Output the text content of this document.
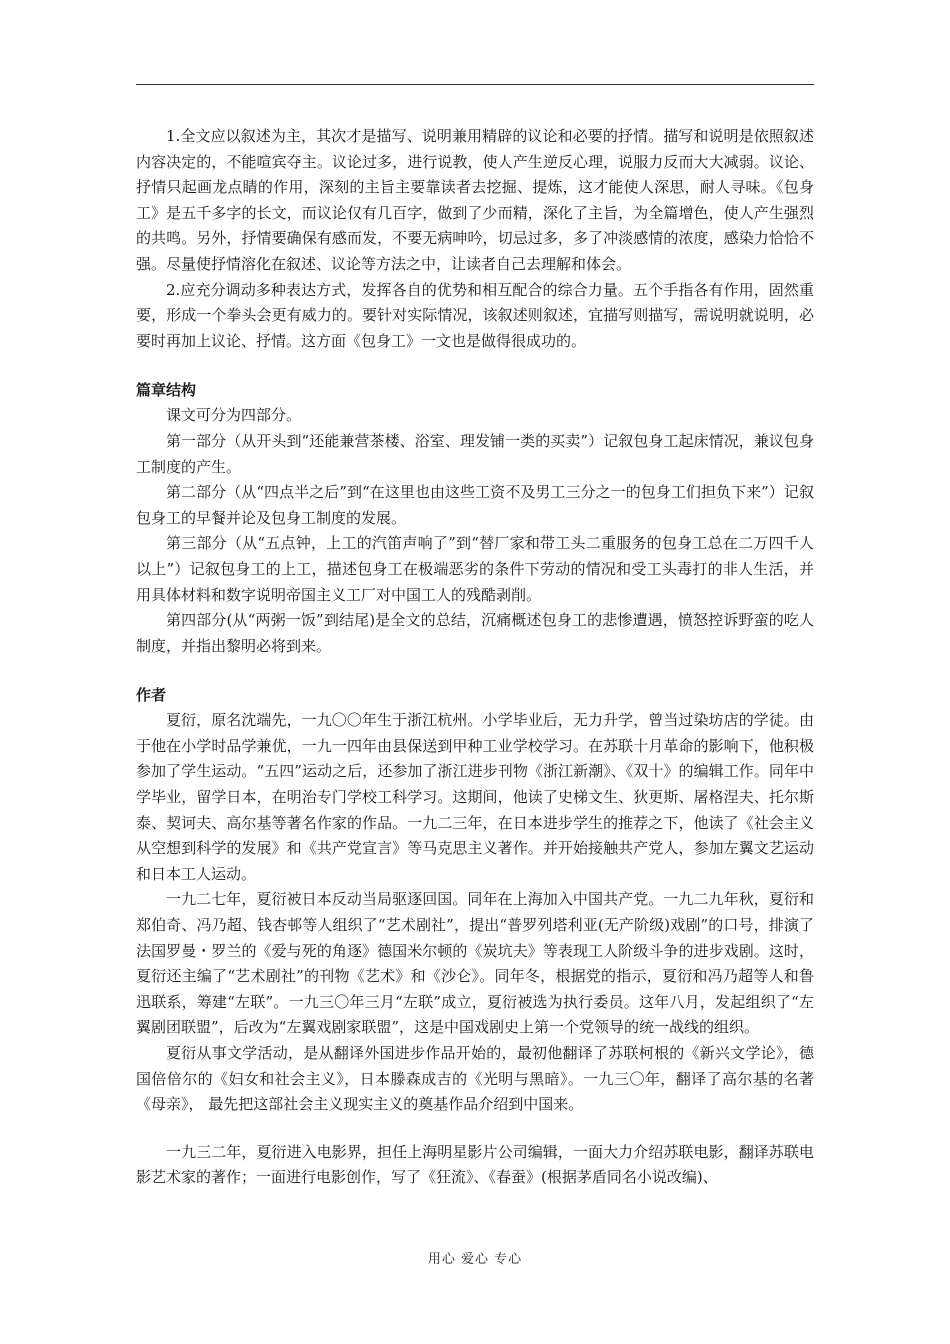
1.全文应以叙述为主，其次才是描写、说明兼用精辟的议论和必要的抒情。描写和说明是依照叙述内容决定的，不能喧宾夺主。议论过多，进行说教，使人产生逆反心理，说服力反而大大减弱。议论、抒情只起画龙点睛的作用，深刻的主旨主要靠读者去挖掘、提炼，这才能使人深思，耐人寻味。《包身工》是五千多字的长文，而议论仅有几百字，做到了少而精，深化了主旨，为全篇增色，使人产生强烈的共鸣。另外，抒情要确保有感而发，不要无病呻吟，切忌过多，多了冲淡感情的浓度，感染力恰恰不强。尽量使抒情溶化在叙述、议论等方法之中，让读者自己去理解和体会。

2.应充分调动多种表达方式，发挥各自的优势和相互配合的综合力量。五个手指各有作用，固然重要，形成一个拳头会更有威力的。要针对实际情况，该叙述则叙述，宜描写则描写，需说明就说明，必要时再加上议论、抒情。这方面《包身工》一文也是做得很成功的。

篇章结构

课文可分为四部分。

第一部分（从开头到“还能兼营茶楼、浴室、理发铺一类的买卖”）记叙包身工起床情况，兼议包身工制度的产生。

第二部分（从“四点半之后”到“在这里也由这些工资不及男工三分之一的包身工们担负下来”）记叙包身工的早餐并论及包身工制度的发展。

第三部分（从“五点钟，上工的汽笛声响了”到“替厂家和带工头二重服务的包身工总在二万四千人以上”）记叙包身工的上工，描述包身工在极端恶劣的条件下劳动的情况和受工头毒打的非人生活，并用具体材料和数字说明帝国主义工厂对中国工人的残酷剥削。

第四部分(从“两粥一饭”到结尾)是全文的总结，沉痛概述包身工的悲惨遭遇，愤怒控诉野蛮的吃人制度，并指出黎明必将到来。

作者

夏衍，原名沈端先，一九〇〇年生于浙江杭州。小学毕业后，无力升学，曾当过染坊店的学徒。由于他在小学时品学兼优，一九一四年由县保送到甲种工业学校学习。在苏联十月革命的影响下，他积极参加了学生运动。“五四”运动之后，还参加了浙江进步刊物《浙江新潮》、《双十》的编辑工作。同年中学毕业，留学日本，在明治专门学校工科学习。这期间，他读了史梯文生、狄更斯、屠格涅夫、托尔斯泰、契诃夫、高尔基等著名作家的作品。一九二三年，在日本进步学生的推荐之下，他读了《社会主义从空想到科学的发展》和《共产党宣言》等马克思主义著作。并开始接触共产党人，参加左翼文艺运动和日本工人运动。

一九二七年，夏衍被日本反动当局驱逐回国。同年在上海加入中国共产党。一九二九年秋，夏衍和郑伯奇、冯乃超、钱杏邨等人组织了“艺术剧社”，提出“普罗列塔利亚(无产阶级)戏剧”的口号，排演了法国罗曼・罗兰的《爱与死的角逐》德国米尔顿的《炭坑夫》等表现工人阶级斗争的进步戏剧。这时，夏衍还主编了“艺术剧社”的刊物《艺术》和《沙仑》。同年冬，根据党的指示，夏衍和冯乃超等人和鲁迅联系，筹建“左联”。一九三〇年三月“左联”成立，夏衍被选为执行委员。这年八月，发起组织了“左翼剧团联盟”，后改为“左翼戏剧家联盟”，这是中国戏剧史上第一个党领导的统一战线的组织。

夏衍从事文学活动，是从翻译外国进步作品开始的，最初他翻译了苏联柯根的《新兴文学论》，德国倍倍尔的《妇女和社会主义》，日本滕森成吉的《光明与黑暗》。一九三〇年，翻译了高尔基的名著《母亲》， 最先把这部社会主义现实主义的奠基作品介绍到中国来。

一九三二年，夏衍进入电影界，担任上海明星影片公司编辑，一面大力介绍苏联电影，翻译苏联电影艺术家的著作；一面进行电影创作，写了《狂流》、《春蚕》(根据茅盾同名小说改编)、

用心 爱心 专心
